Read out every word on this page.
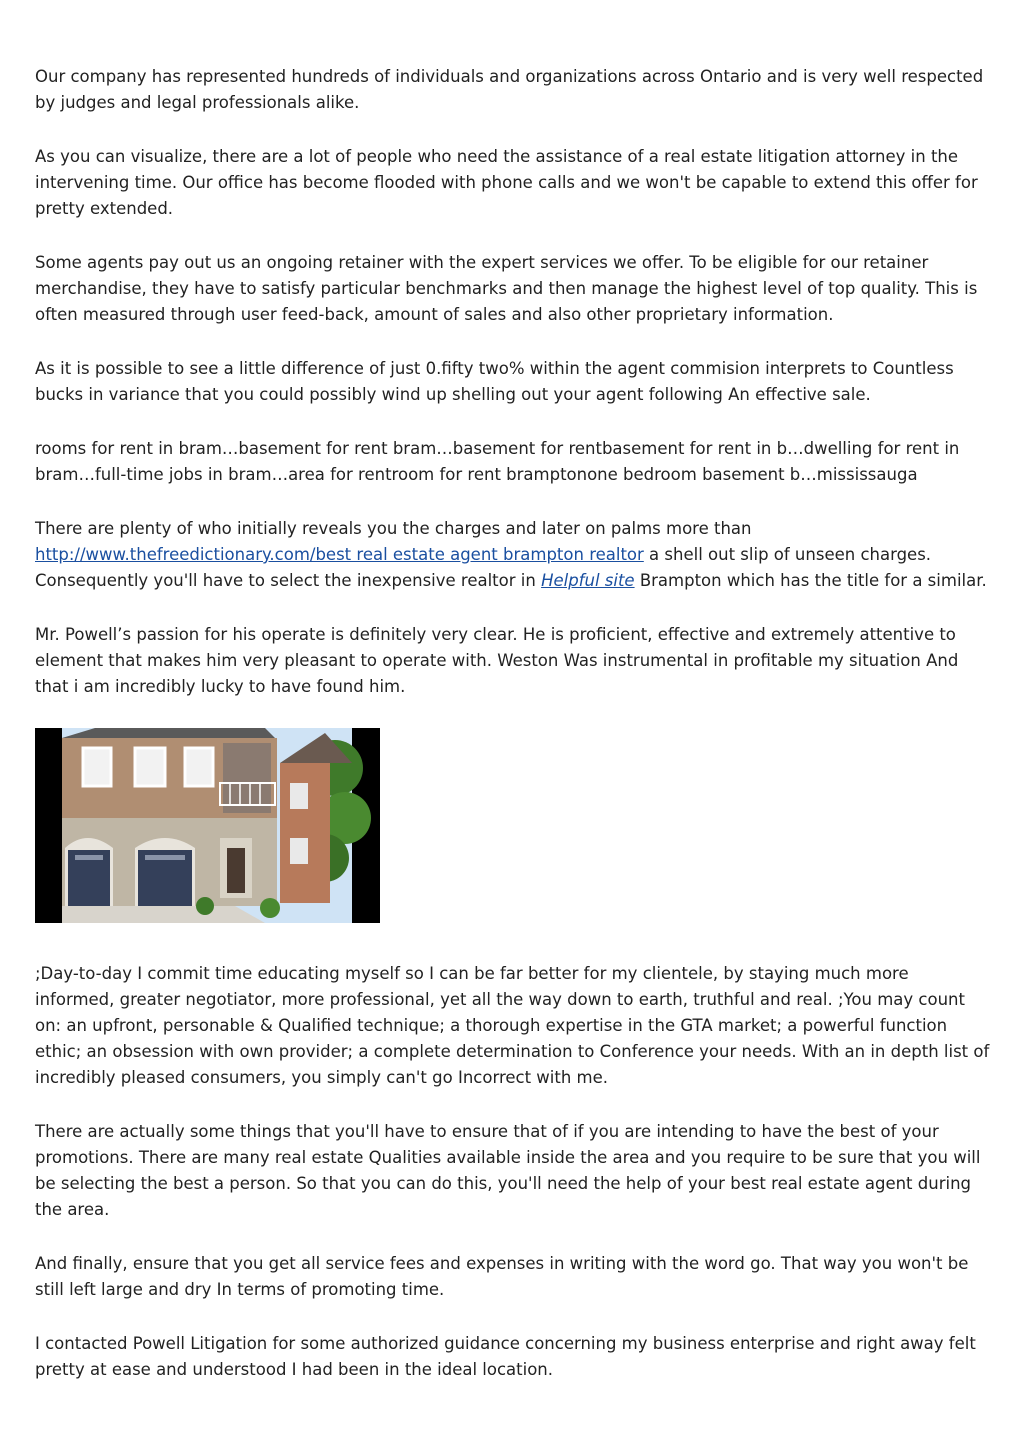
Our company has represented hundreds of individuals and organizations across Ontario and is very well respected by judges and legal professionals alike.

As you can visualize, there are a lot of people who need the assistance of a real estate litigation attorney in the intervening time. Our office has become flooded with phone calls and we won't be capable to extend this offer for pretty extended.

Some agents pay out us an ongoing retainer with the expert services we offer. To be eligible for our retainer merchandise, they have to satisfy particular benchmarks and then manage the highest level of top quality. This is often measured through user feed-back, amount of sales and also other proprietary information.

As it is possible to see a little difference of just 0.fifty two% within the agent commision interprets to Countless bucks in variance that you could possibly wind up shelling out your agent following An effective sale.

rooms for rent in bram…basement for rent bram…basement for rentbasement for rent in b…dwelling for rent in bram…full-time jobs in bram…area for rentroom for rent bramptonone bedroom basement b…mississauga

There are plenty of who initially reveals you the charges and later on palms more than http://www.thefreedictionary.com/best real estate agent brampton realtor a shell out slip of unseen charges. Consequently you'll have to select the inexpensive realtor in Helpful site Brampton which has the title for a similar.

Mr. Powell’s passion for his operate is definitely very clear. He is proficient, effective and extremely attentive to element that makes him very pleasant to operate with. Weston Was instrumental in profitable my situation And that i am incredibly lucky to have found him.

;Day-to-day I commit time educating myself so I can be far better for my clientele, by staying much more informed, greater negotiator, more professional, yet all the way down to earth, truthful and real. ;You may count on: an upfront, personable & Qualified technique; a thorough expertise in the GTA market; a powerful function ethic; an obsession with own provider; a complete determination to Conference your needs. With an in depth list of incredibly pleased consumers, you simply can't go Incorrect with me.

There are actually some things that you'll have to ensure that of if you are intending to have the best of your promotions. There are many real estate Qualities available inside the area and you require to be sure that you will be selecting the best a person. So that you can do this, you'll need the help of your best real estate agent during the area.

And finally, ensure that you get all service fees and expenses in writing with the word go. That way you won't be still left large and dry In terms of promoting time.

I contacted Powell Litigation for some authorized guidance concerning my business enterprise and right away felt pretty at ease and understood I had been in the ideal location.
